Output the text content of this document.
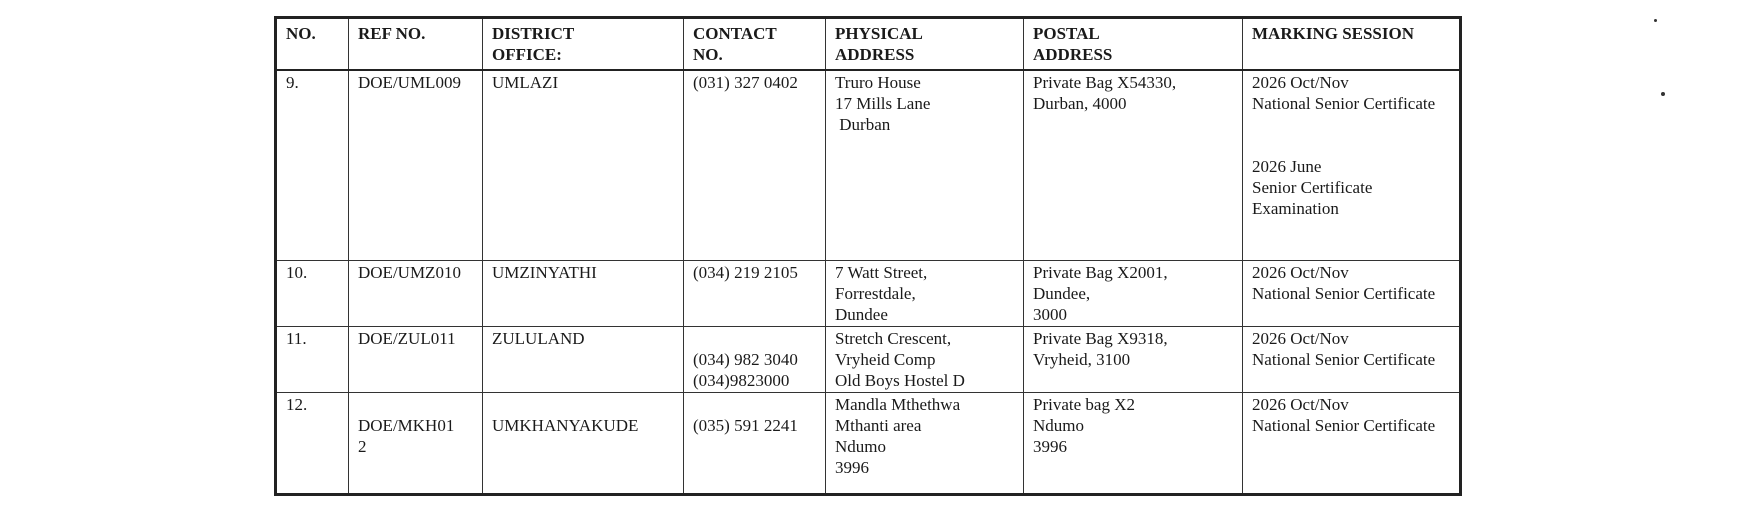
NO.	REF NO.	DISTRICT
OFFICE:	CONTACT
NO.	PHYSICAL
ADDRESS	POSTAL
ADDRESS	MARKING SESSION
9.	DOE/UML009	UMLAZI	(031) 327 0402	Truro House
17 Mills Lane
Durban	Private Bag X54330,
Durban, 4000	2026 Oct/Nov
National Senior Certificate
2026 June
Senior Certificate
Examination

10.	DOE/UMZ010	UMZINYATHI	(034) 219 2105	7 Watt Street,
Forrestdale,
Dundee	Private Bag X2001,
Dundee,
3000	2026 Oct/Nov
National Senior Certificate

11.	DOE/ZUL011	ZULULAND	(034) 982 3040
(034)9823000	Stretch Crescent,
Vryheid Comp
Old Boys Hostel D	Private Bag X9318,
Vryheid, 3100	2026 Oct/Nov
National Senior Certificate

12.	DOE/MKH01
2	UMKHANYAKUDE	(035) 591 2241	Mandla Mthethwa
Mthanti area
Ndumo
3996	Private bag X2
Ndumo
3996	2026 Oct/Nov
National Senior Certificate
